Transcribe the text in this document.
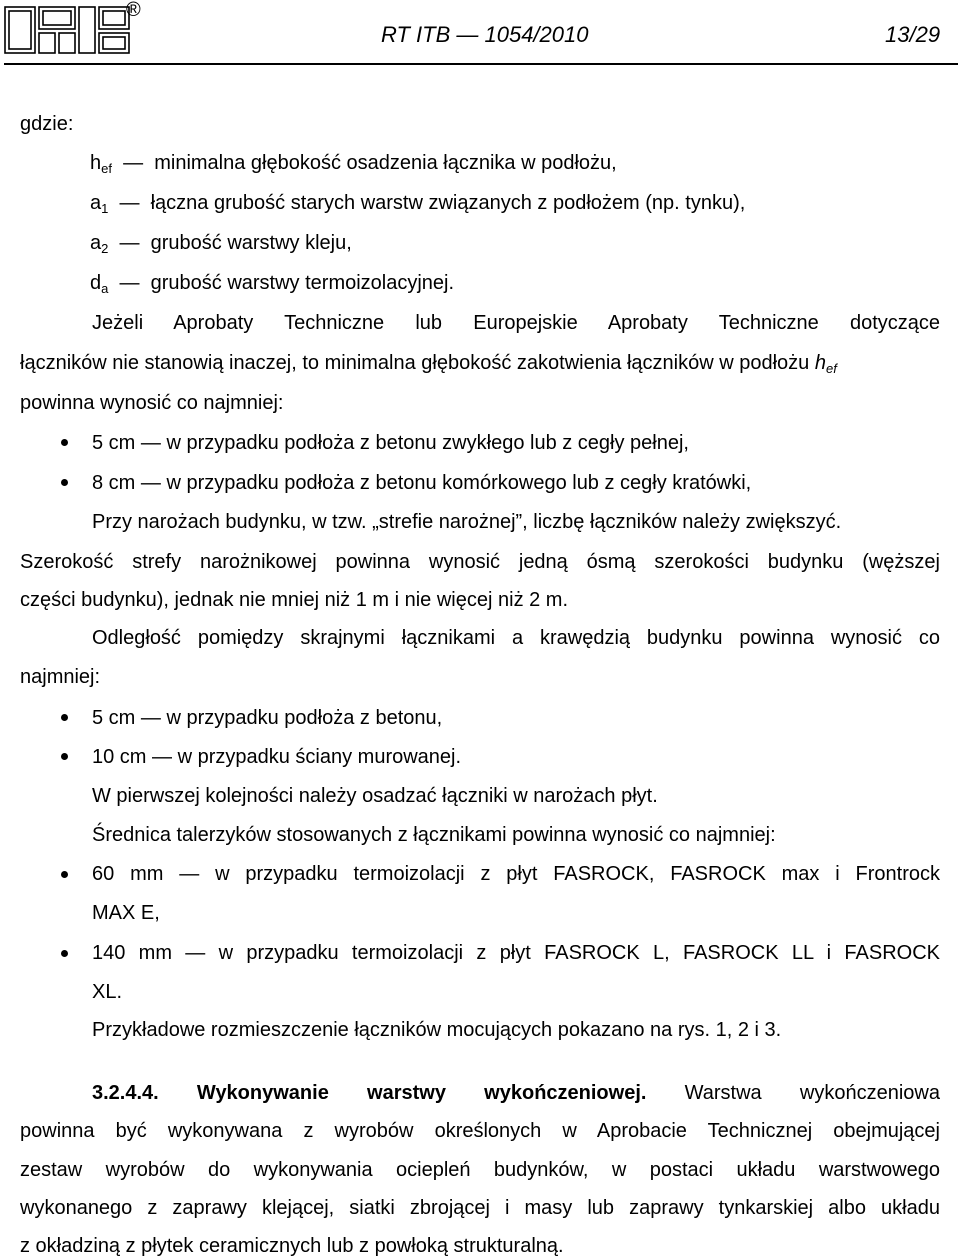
®
RT ITB — 1054/2010	13/29
gdzie:
$h_{ef}$ — minimalna głębokość osadzenia łącznika w podłożu,
$a_1$ — łączna grubość starych warstw związanych z podłożem (np. tynku),
$a_2$ — grubość warstwy kleju,
$d_a$ — grubość warstwy termoizolacyjnej.
Jeżeli Aprobaty Techniczne lub Europejskie Aprobaty Techniczne dotyczące
łączników nie stanowią inaczej, to minimalna głębokość zakotwienia łączników w podłożu $h_{ef}$
powinna wynosić co najmniej:
5 cm — w przypadku podłoża z betonu zwykłego lub z cegły pełnej,
8 cm — w przypadku podłoża z betonu komórkowego lub z cegły kratówki,
Przy narożach budynku, w tzw. „strefie narożnej”, liczbę łączników należy zwiększyć.
Szerokość strefy narożnikowej powinna wynosić jedną ósmą szerokości budynku (węższej
części budynku), jednak nie mniej niż 1 m i nie więcej niż 2 m.
Odległość pomiędzy skrajnymi łącznikami a krawędzią budynku powinna wynosić co
najmniej:
5 cm — w przypadku podłoża z betonu,
10 cm — w przypadku ściany murowanej.
W pierwszej kolejności należy osadzać łączniki w narożach płyt.
Średnica talerzyków stosowanych z łącznikami powinna wynosić co najmniej:
60 mm — w przypadku termoizolacji z płyt FASROCK, FASROCK max i Frontrock
MAX E,
140 mm — w przypadku termoizolacji z płyt FASROCK L, FASROCK LL i FASROCK
XL.
Przykładowe rozmieszczenie łączników mocujących pokazano na rys. 1, 2 i 3.
3.2.4.4. Wykonywanie warstwy wykończeniowej. Warstwa wykończeniowa
powinna być wykonywana z wyrobów określonych w Aprobacie Technicznej obejmującej
zestaw wyrobów do wykonywania ociepleń budynków, w postaci układu warstwowego
wykonanego z zaprawy klejącej, siatki zbrojącej i masy lub zaprawy tynkarskiej albo układu
z okładziną z płytek ceramicznych lub z powłoką strukturalną.
